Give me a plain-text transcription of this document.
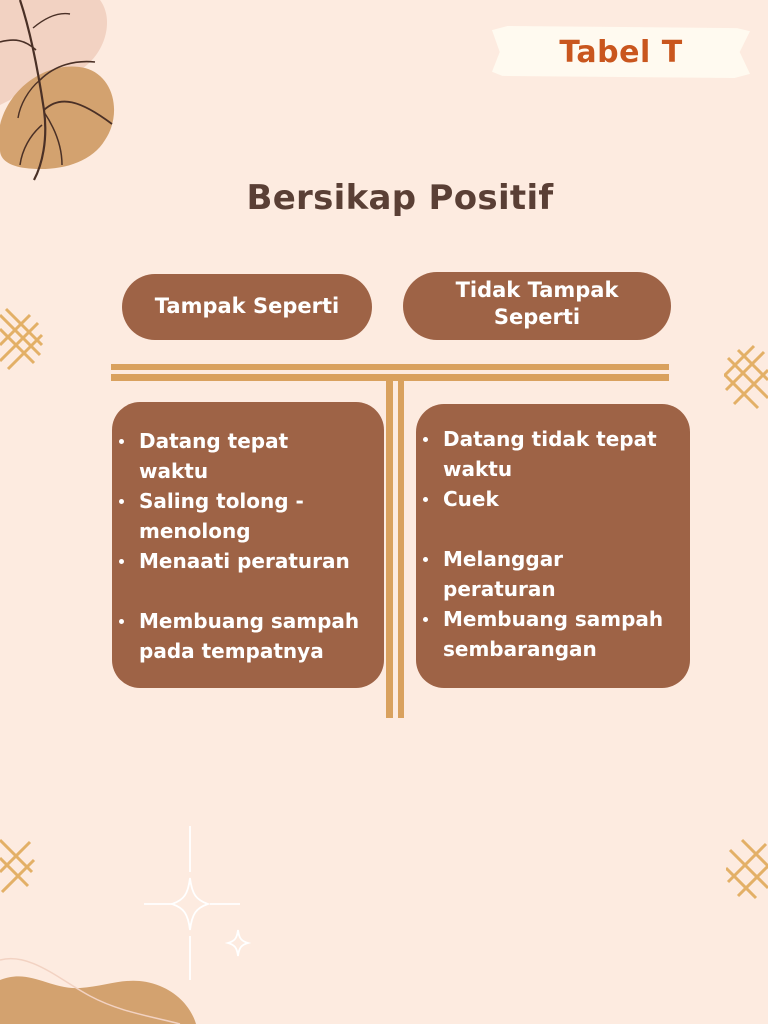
Tabel T
Bersikap Positif
Tampak Seperti
Tidak Tampak
Seperti
Datang tepat
waktu
Saling tolong -
menolong
Menaati peraturan
Membuang sampah
pada tempatnya
Datang tidak tepat
waktu
Cuek
Melanggar
peraturan
Membuang sampah
sembarangan
